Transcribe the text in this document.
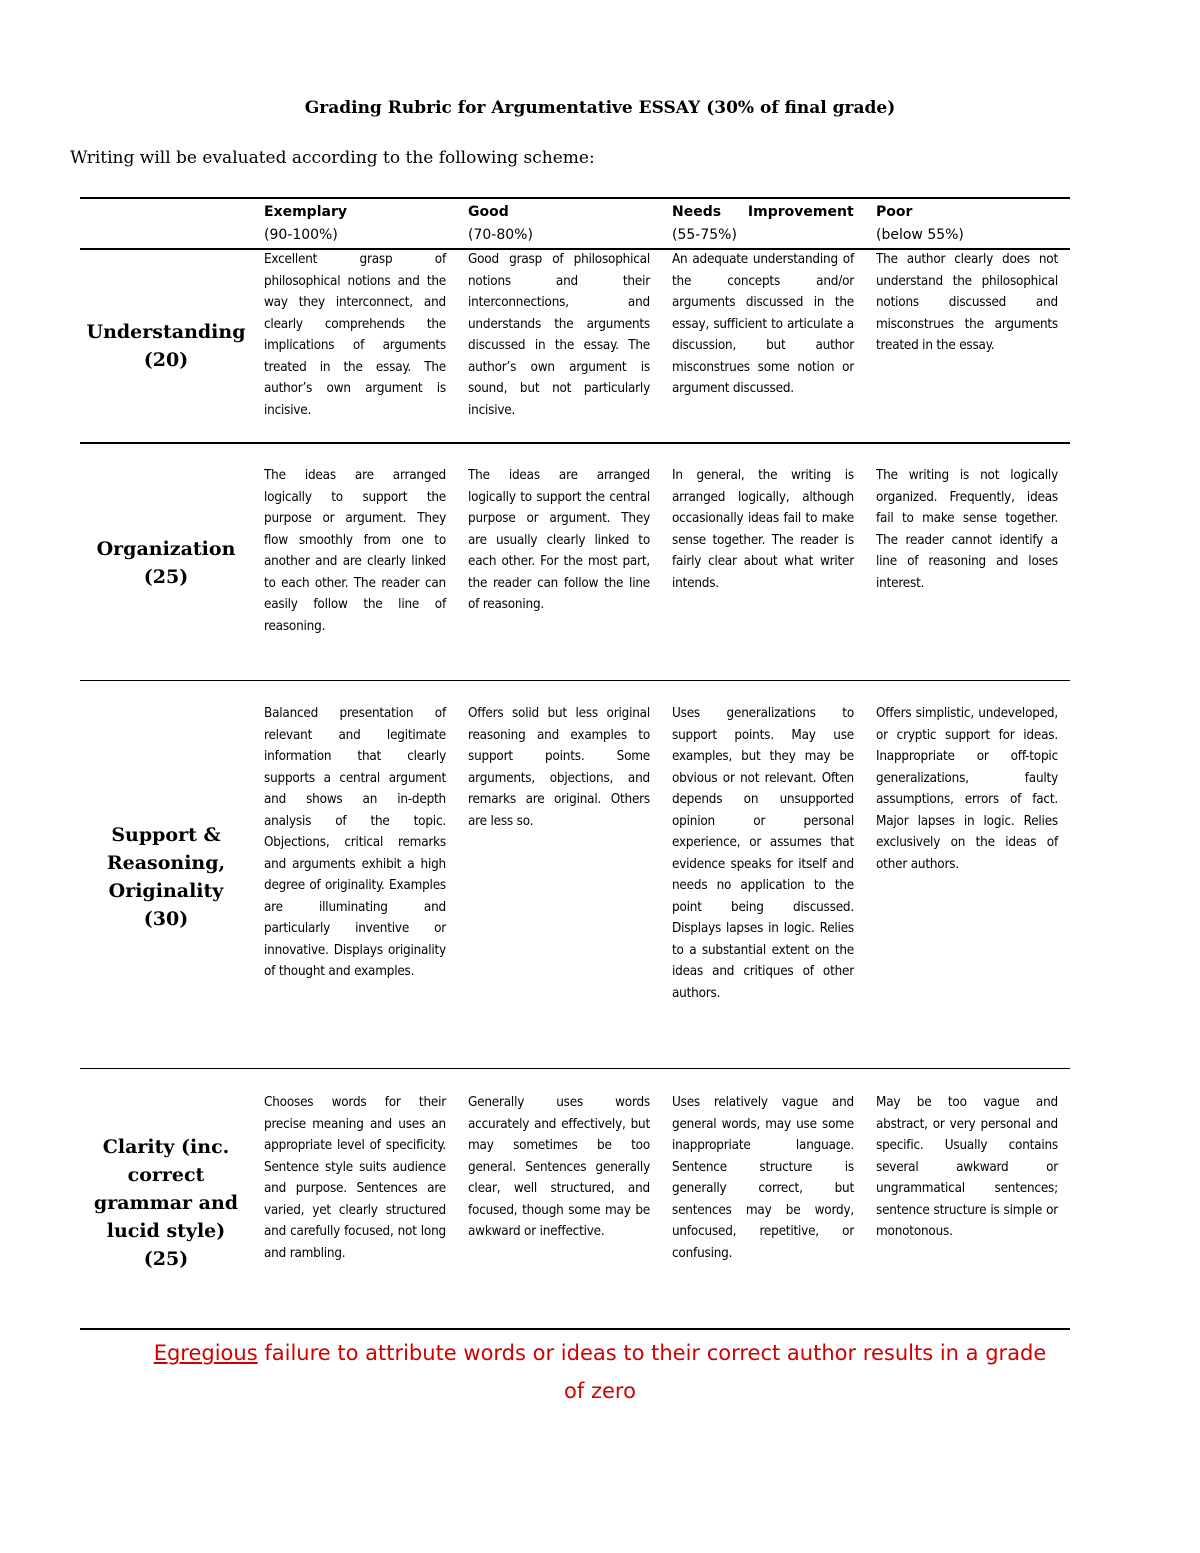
Grading Rubric for Argumentative ESSAY (30% of final grade)
Writing will be evaluated according to the following scheme:
Exemplary
(90-100%)
Good
(70-80%)
Needs Improvement
(55-75%)
Poor
(below 55%)
Understanding (20)
Excellent grasp of philosophical notions and the way they interconnect, and clearly comprehends the implications of arguments treated in the essay. The author’s own argument is incisive.
Good grasp of philosophical notions and their interconnections, and understands the arguments discussed in the essay. The author’s own argument is sound, but not particularly incisive.
An adequate understanding of the concepts and/or arguments discussed in the essay, sufficient to articulate a discussion, but author misconstrues some notion or argument discussed.
The author clearly does not understand the philosophical notions discussed and misconstrues the arguments treated in the essay.
Organization (25)
The ideas are arranged logically to support the purpose or argument. They flow smoothly from one to another and are clearly linked to each other. The reader can easily follow the line of reasoning.
The ideas are arranged logically to support the central purpose or argument. They are usually clearly linked to each other. For the most part, the reader can follow the line of reasoning.
In general, the writing is arranged logically, although occasionally ideas fail to make sense together. The reader is fairly clear about what writer intends.
The writing is not logically organized. Frequently, ideas fail to make sense together. The reader cannot identify a line of reasoning and loses interest.
Support & Reasoning, Originality (30)
Balanced presentation of relevant and legitimate information that clearly supports a central argument and shows an in-depth analysis of the topic. Objections, critical remarks and arguments exhibit a high degree of originality. Examples are illuminating and particularly inventive or innovative. Displays originality of thought and examples.
Offers solid but less original reasoning and examples to support points. Some arguments, objections, and remarks are original. Others are less so.
Uses generalizations to support points. May use examples, but they may be obvious or not relevant. Often depends on unsupported opinion or personal experience, or assumes that evidence speaks for itself and needs no application to the point being discussed. Displays lapses in logic. Relies to a substantial extent on the ideas and critiques of other authors.
Offers simplistic, undeveloped, or cryptic support for ideas. Inappropriate or off-topic generalizations, faulty assumptions, errors of fact. Major lapses in logic. Relies exclusively on the ideas of other authors.
Clarity (inc. correct grammar and lucid style) (25)
Chooses words for their precise meaning and uses an appropriate level of specificity. Sentence style suits audience and purpose. Sentences are varied, yet clearly structured and carefully focused, not long and rambling.
Generally uses words accurately and effectively, but may sometimes be too general. Sentences generally clear, well structured, and focused, though some may be awkward or ineffective.
Uses relatively vague and general words, may use some inappropriate language. Sentence structure is generally correct, but sentences may be wordy, unfocused, repetitive, or confusing.
May be too vague and abstract, or very personal and specific. Usually contains several awkward or ungrammatical sentences; sentence structure is simple or monotonous.
Egregious failure to attribute words or ideas to their correct author results in a grade of zero
